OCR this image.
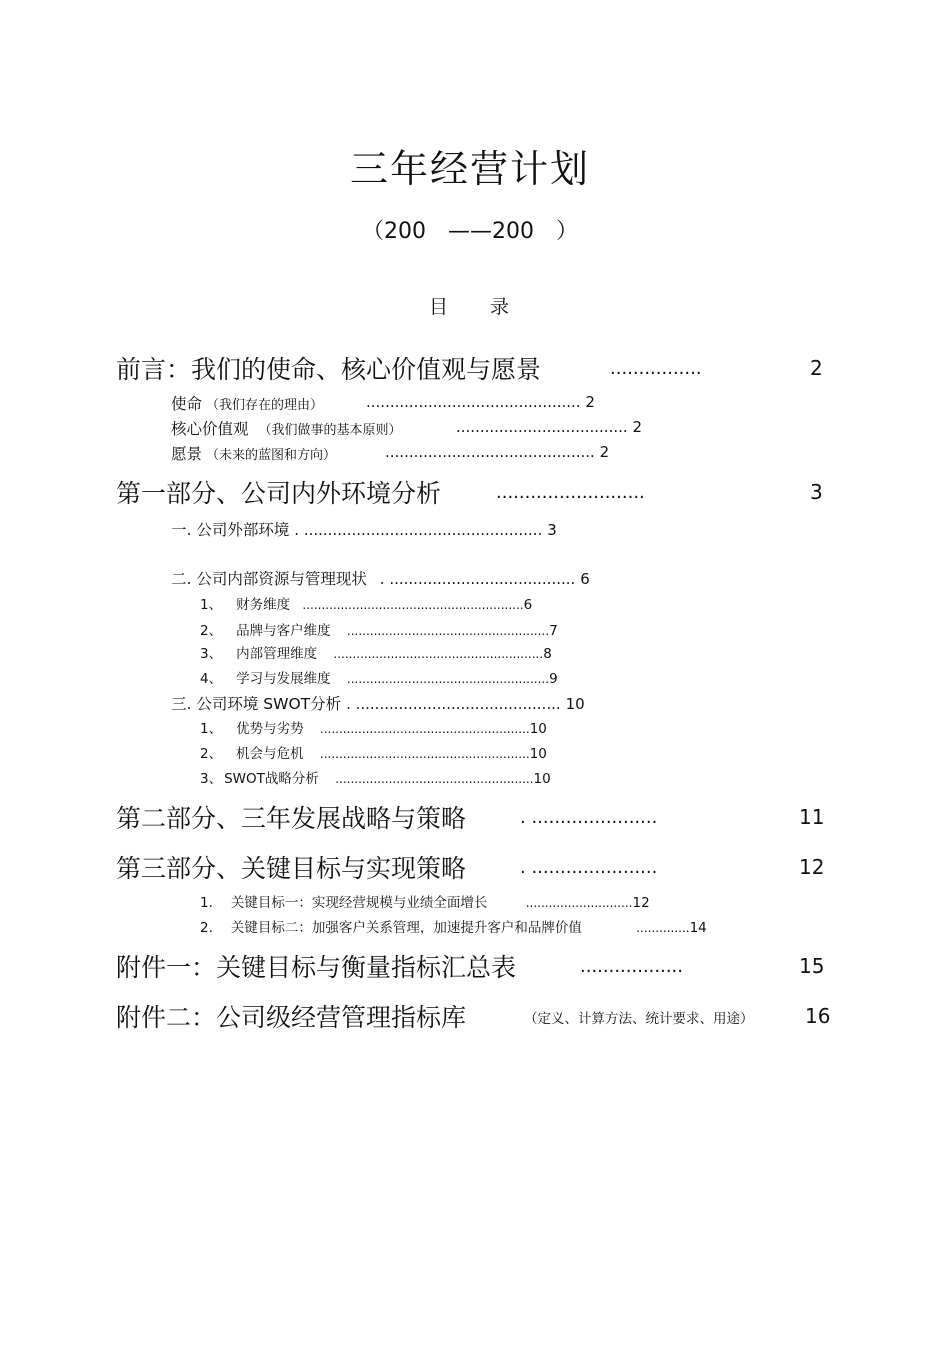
三年经营计划
（200　——200　）
目录
前言：我们的使命、核心价值观与愿景	................	2
使命 （我们存在的理由）	............................................. 2
核心价值观 （我们做事的基本原则）	.................................... 2
愿景 （未来的蓝图和方向）	............................................ 2
第一部分、公司内外环境分析	..........................	3
一. 公司外部环境 . .................................................. 3
二. 公司内部资源与管理现状 . ....................................... 6
1、 财务维度 ..........................................................6
2、 品牌与客户维度 .....................................................7
3、 内部管理维度 .......................................................8
4、 学习与发展维度 .....................................................9
三. 公司环境 SWOT分析 . ........................................... 10
1、 优势与劣势 .......................................................10
2、 机会与危机 .......................................................10
3、 SWOT战略分析 ....................................................10
第二部分、三年发展战略与策略	. ......................	11
第三部分、关键目标与实现策略	. ......................	12
1. 关键目标一：实现经营规模与业绩全面增长	............................12
2. 关键目标二：加强客户关系管理，加速提升客户和品牌价值	..............14
附件一：关键目标与衡量指标汇总表	..................	15
附件二：公司级经营管理指标库	（定义、计算方法、统计要求、用途）	16
